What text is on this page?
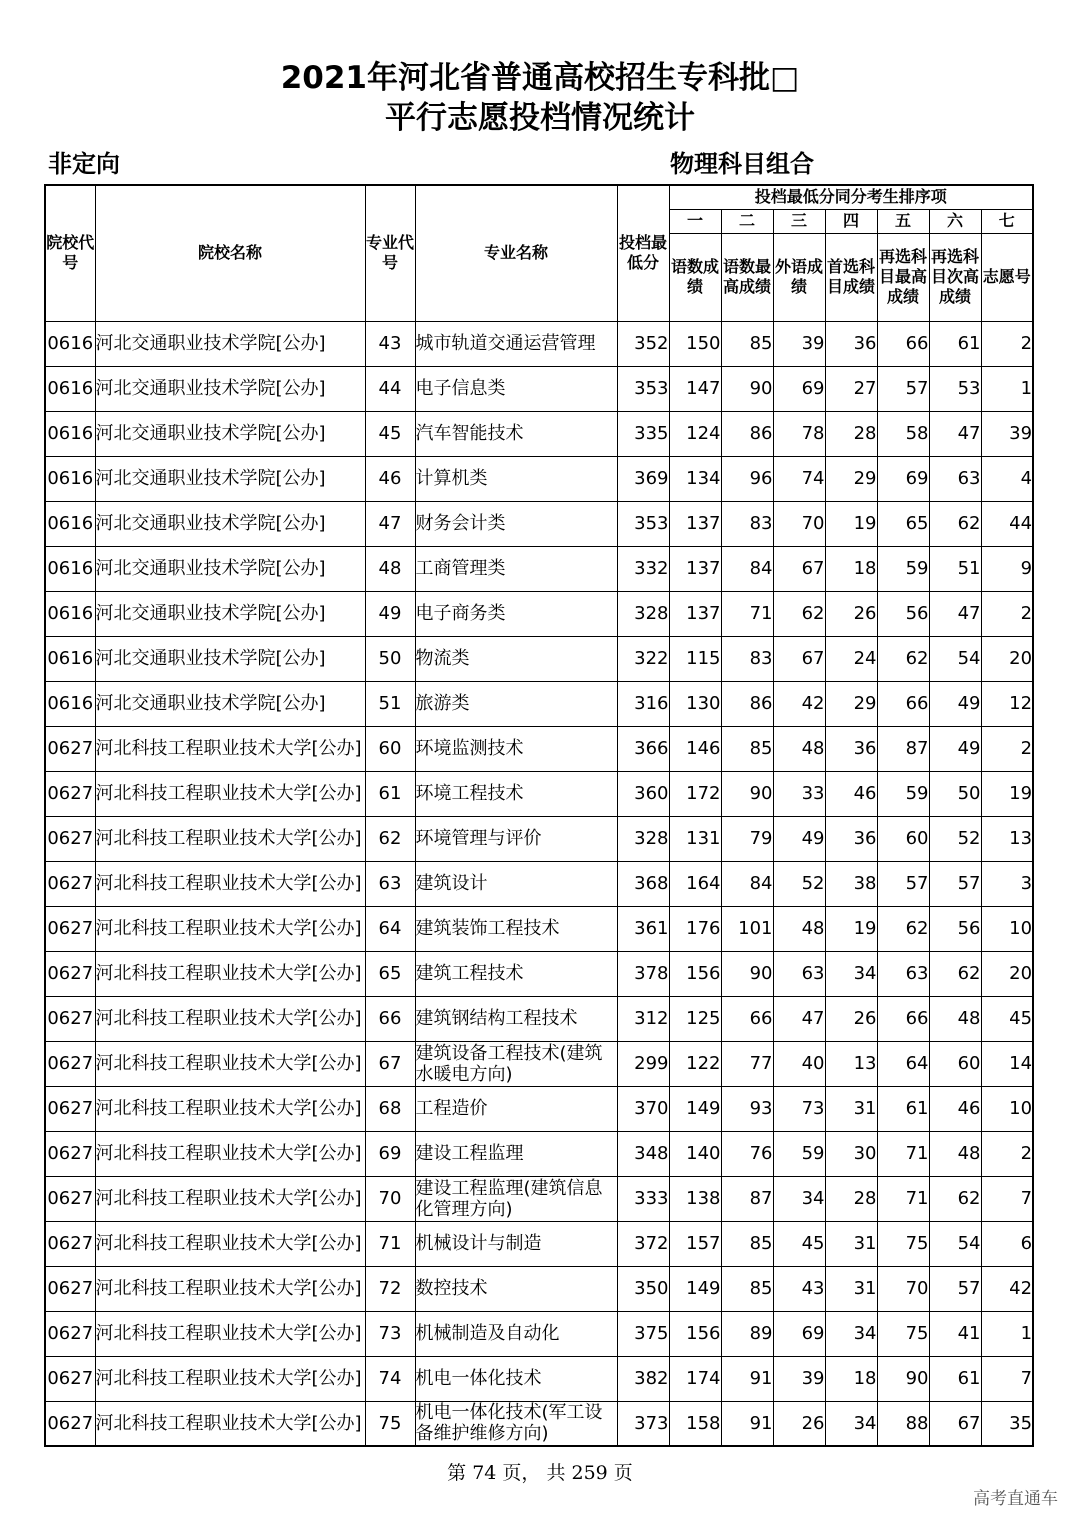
2021年河北省普通高校招生专科批□
平行志愿投档情况统计
非定向	物理科目组合
院校代号	院校名称	专业代号	专业名称	投档最低分	投档最低分同分考生排序项						
					一	二	三	四	五	六	七
					语数成绩	语数最高成绩	外语成绩	首选科目成绩	再选科目最高成绩	再选科目次高成绩	志愿号
0616	河北交通职业技术学院[公办]	43	城市轨道交通运营管理	352	150	85	39	36	66	61	2
0616	河北交通职业技术学院[公办]	44	电子信息类	353	147	90	69	27	57	53	1
0616	河北交通职业技术学院[公办]	45	汽车智能技术	335	124	86	78	28	58	47	39
0616	河北交通职业技术学院[公办]	46	计算机类	369	134	96	74	29	69	63	4
0616	河北交通职业技术学院[公办]	47	财务会计类	353	137	83	70	19	65	62	44
0616	河北交通职业技术学院[公办]	48	工商管理类	332	137	84	67	18	59	51	9
0616	河北交通职业技术学院[公办]	49	电子商务类	328	137	71	62	26	56	47	2
0616	河北交通职业技术学院[公办]	50	物流类	322	115	83	67	24	62	54	20
0616	河北交通职业技术学院[公办]	51	旅游类	316	130	86	42	29	66	49	12
0627	河北科技工程职业技术大学[公办]	60	环境监测技术	366	146	85	48	36	87	49	2
0627	河北科技工程职业技术大学[公办]	61	环境工程技术	360	172	90	33	46	59	50	19
0627	河北科技工程职业技术大学[公办]	62	环境管理与评价	328	131	79	49	36	60	52	13
0627	河北科技工程职业技术大学[公办]	63	建筑设计	368	164	84	52	38	57	57	3
0627	河北科技工程职业技术大学[公办]	64	建筑装饰工程技术	361	176	101	48	19	62	56	10
0627	河北科技工程职业技术大学[公办]	65	建筑工程技术	378	156	90	63	34	63	62	20
0627	河北科技工程职业技术大学[公办]	66	建筑钢结构工程技术	312	125	66	47	26	66	48	45
0627	河北科技工程职业技术大学[公办]	67	建筑设备工程技术(建筑水暖电方向)	299	122	77	40	13	64	60	14
0627	河北科技工程职业技术大学[公办]	68	工程造价	370	149	93	73	31	61	46	10
0627	河北科技工程职业技术大学[公办]	69	建设工程监理	348	140	76	59	30	71	48	2
0627	河北科技工程职业技术大学[公办]	70	建设工程监理(建筑信息化管理方向)	333	138	87	34	28	71	62	7
0627	河北科技工程职业技术大学[公办]	71	机械设计与制造	372	157	85	45	31	75	54	6
0627	河北科技工程职业技术大学[公办]	72	数控技术	350	149	85	43	31	70	57	42
0627	河北科技工程职业技术大学[公办]	73	机械制造及自动化	375	156	89	69	34	75	41	1
0627	河北科技工程职业技术大学[公办]	74	机电一体化技术	382	174	91	39	18	90	61	7
0627	河北科技工程职业技术大学[公办]	75	机电一体化技术(军工设备维护维修方向)	373	158	91	26	34	88	67	35
第 74 页， 共 259 页
高考直通车
